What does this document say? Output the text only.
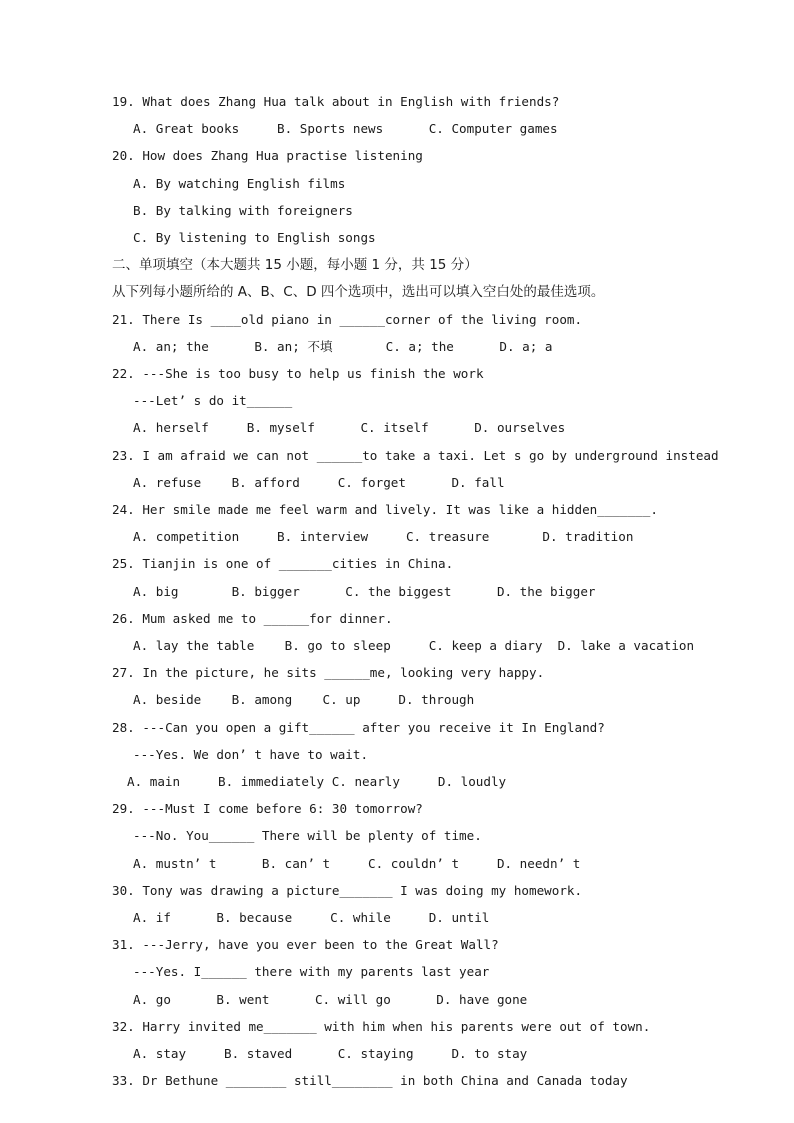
19. What does Zhang Hua talk about in English with friends?
A. Great books     B. Sports news      C. Computer games
20. How does Zhang Hua practise listening
A. By watching English films
B. By talking with foreigners
C. By listening to English songs
二、单项填空（本大题共 15 小题，每小题 1 分，共 15 分）
从下列每小题所给的 A、B、C、D 四个选项中，选出可以填入空白处的最佳选项。
21. There Is ____old piano in ______corner of the living room.
A. an; the      B. an; 不填       C. a; the      D. a; a
22. ---She is too busy to help us finish the work
---Let’ s do it______
A. herself     B. myself      C. itself      D. ourselves
23. I am afraid we can not ______to take a taxi. Let s go by underground instead
A. refuse    B. afford     C. forget      D. fall
24. Her smile made me feel warm and lively. It was like a hidden_______.
A. competition     B. interview     C. treasure       D. tradition
25. Tianjin is one of _______cities in China.
A. big       B. bigger      C. the biggest      D. the bigger
26. Mum asked me to ______for dinner.
A. lay the table    B. go to sleep     C. keep a diary  D. lake a vacation
27. In the picture, he sits ______me, looking very happy.
A. beside    B. among    C. up     D. through
28. ---Can you open a gift______ after you receive it In England?
---Yes. We don’ t have to wait.
A. main     B. immediately C. nearly     D. loudly
29. ---Must I come before 6: 30 tomorrow?
---No. You______ There will be plenty of time.
A. mustn’ t      B. can’ t     C. couldn’ t     D. needn’ t
30. Tony was drawing a picture_______ I was doing my homework.
A. if      B. because     C. while     D. until
31. ---Jerry, have you ever been to the Great Wall?
---Yes. I______ there with my parents last year
A. go      B. went      C. will go      D. have gone
32. Harry invited me_______ with him when his parents were out of town.
A. stay     B. staved      C. staying     D. to stay
33. Dr Bethune ________ still________ in both China and Canada today
